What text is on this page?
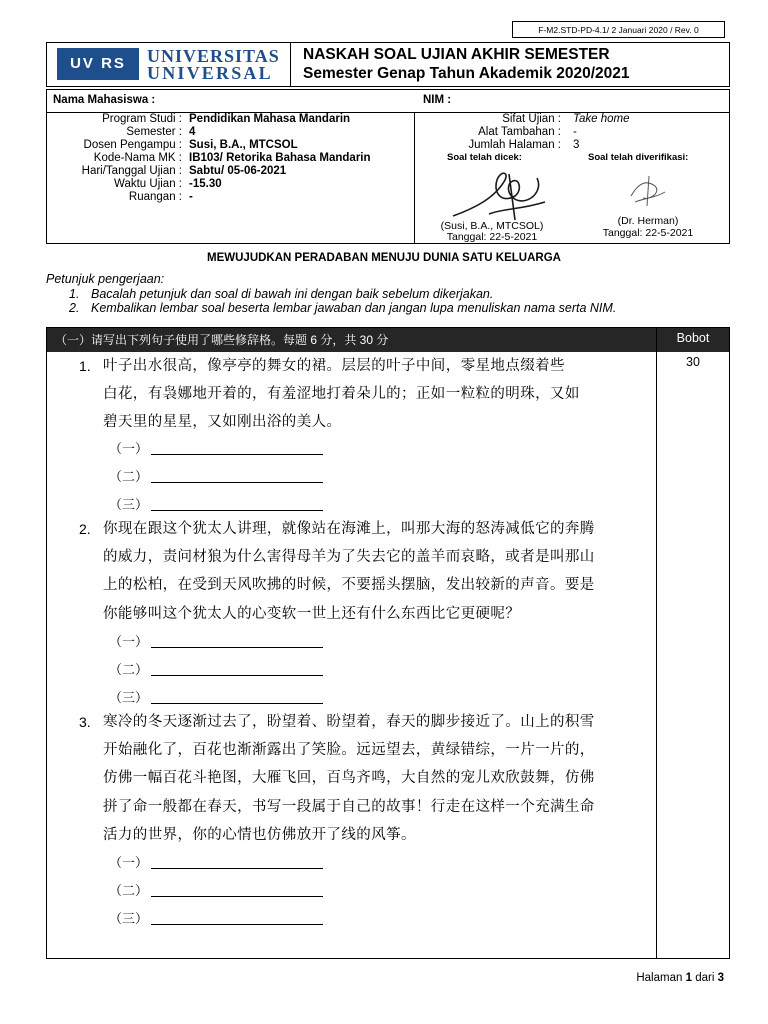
F-M2.STD-PD-4.1/ 2 Januari 2020 / Rev. 0
UV RS	UNIVERSITAS
UNIVERSAL
NASKAH SOAL UJIAN AKHIR SEMESTER
Semester Genap Tahun Akademik 2020/2021
Nama Mahasiswa :	NIM :
Program Studi : Pendidikan Mahasa Mandarin
Semester : 4
Dosen Pengampu : Susi, B.A., MTCSOL
Kode-Nama MK : IB103/ Retorika Bahasa Mandarin
Hari/Tanggal Ujian : Sabtu/ 05-06-2021
Waktu Ujian : -15.30
Ruangan : -
Sifat Ujian : Take home
Alat Tambahan : -
Jumlah Halaman : 3
Soal telah dicek:	Soal telah diverifikasi:
(Susi, B.A., MTCSOL)
Tanggal: 22-5-2021
(Dr. Herman)
Tanggal: 22-5-2021
MEWUJUDKAN PERADABAN MENUJU DUNIA SATU KELUARGA
Petunjuk pengerjaan:
1. Bacalah petunjuk dan soal di bawah ini dengan baik sebelum dikerjakan.
2. Kembalikan lembar soal beserta lembar jawaban dan jangan lupa menuliskan nama serta NIM.
（一）请写出下列句子使用了哪些修辞格。每题 6 分，共 30 分	Bobot
30
1. 叶子出水很高，像亭亭的舞女的裙。层层的叶子中间，零星地点缀着些
白花，有袅娜地开着的，有羞涩地打着朵儿的；正如一粒粒的明珠，又如
碧天里的星星，又如刚出浴的美人。
（一）
（二）
（三）
2. 你现在跟这个犹太人讲理，就像站在海滩上，叫那大海的怒涛减低它的奔腾
的威力，责问材狼为什么害得母羊为了失去它的盖羊而哀略，或者是叫那山
上的松柏，在受到天风吹拂的时候，不要摇头摆脑，发出较新的声音。要是
你能够叫这个犹太人的心变软一世上还有什么东西比它更硬呢？
（一）
（二）
（三）
3. 寒冷的冬天逐渐过去了，盼望着、盼望着，春天的脚步接近了。山上的积雪
开始融化了，百花也渐渐露出了笑脸。远远望去，黄绿错综，一片一片的，
仿佛一幅百花斗艳图，大雁飞回，百鸟齐鸣，大自然的宠儿欢欣鼓舞，仿佛
拼了命一般都在春天，书写一段属于自己的故事！行走在这样一个充满生命
活力的世界，你的心情也仿佛放开了线的风筝。
（一）
（二）
（三）
Halaman 1 dari 3
